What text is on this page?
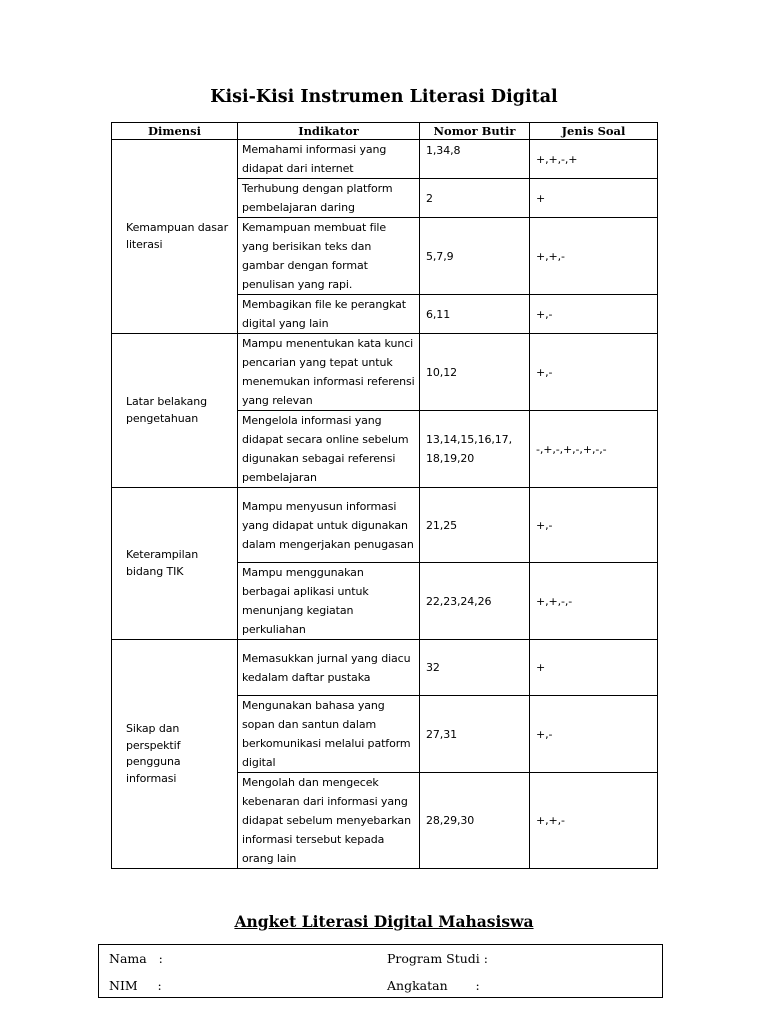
Kisi-Kisi Instrumen Literasi Digital
Dimensi	Indikator	Nomor Butir	Jenis Soal
Kemampuan dasar literasi	Memahami informasi yang didapat dari internet	1,34,8	+,+,-,+
	Terhubung dengan platform pembelajaran daring	2	+
	Kemampuan membuat file yang berisikan teks dan gambar dengan format penulisan yang rapi.	5,7,9	+,+,-
	Membagikan file ke perangkat digital yang lain	6,11	+,-
Latar belakang pengetahuan	Mampu menentukan kata kunci pencarian yang tepat untuk menemukan informasi referensi yang relevan	10,12	+,-
	Mengelola informasi yang didapat secara online sebelum digunakan sebagai referensi pembelajaran	13,14,15,16,17, 18,19,20	-,+,-,+,-,+,-,-
Keterampilan bidang TIK	Mampu menyusun informasi yang didapat untuk digunakan dalam mengerjakan penugasan	21,25	+,-
	Mampu menggunakan berbagai aplikasi untuk menunjang kegiatan perkuliahan	22,23,24,26	+,+,-,-
Sikap dan perspektif pengguna informasi	Memasukkan jurnal yang diacu kedalam daftar pustaka	32	+
	Mengunakan bahasa yang sopan dan santun dalam berkomunikasi melalui patform digital	27,31	+,-
	Mengolah dan mengecek kebenaran dari informasi yang didapat sebelum menyebarkan informasi tersebut kepada orang lain	28,29,30	+,+,-
Angket Literasi Digital Mahasiswa
Nama   :	Program Studi :
NIM     :	Angkatan       :
